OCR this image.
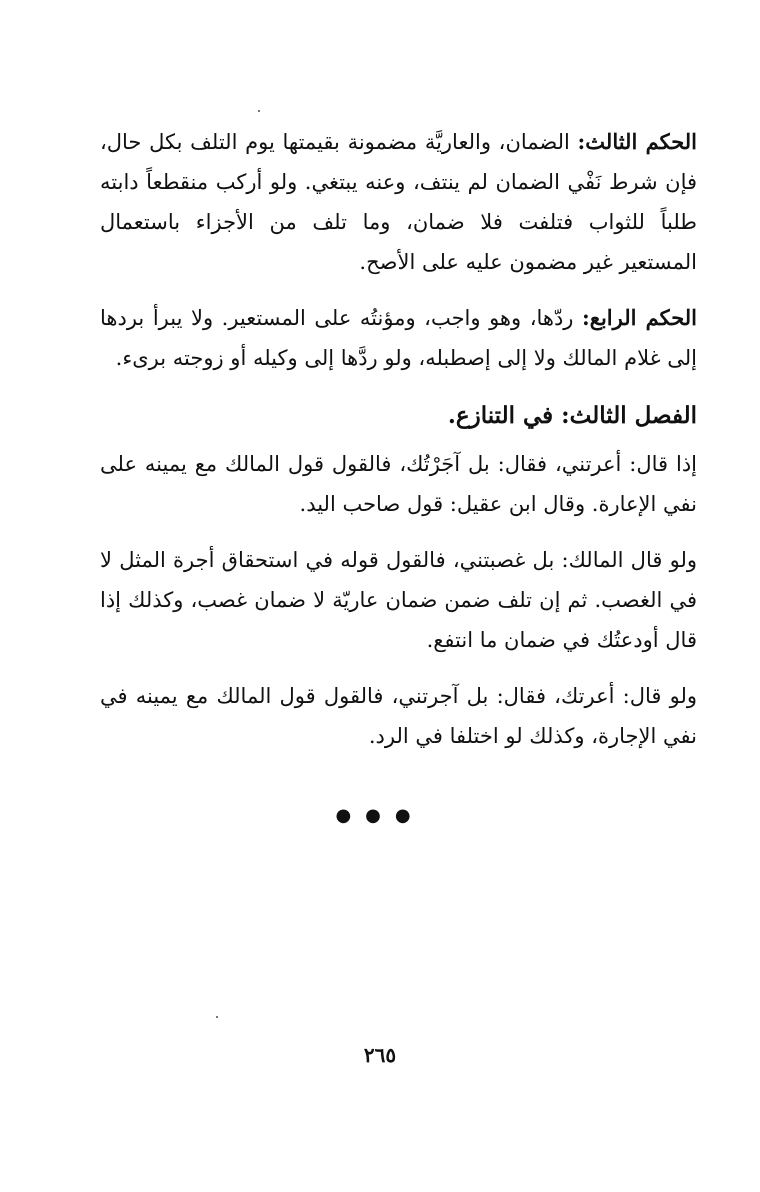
الحكم الثالث: الضمان، والعاريَّة مضمونة بقيمتها يوم التلف بكل حال، فإن شرط نَفْي الضمان لم ينتف، وعنه يبتغي. ولو أركب منقطعاً دابته طلباً للثواب فتلفت فلا ضمان، وما تلف من الأجزاء باستعمال المستعير غير مضمون عليه على الأصح.

الحكم الرابع: ردّها، وهو واجب، ومؤنتُه على المستعير. ولا يبرأ بردها إلى غلام المالك ولا إلى إصطبله، ولو ردَّها إلى وكيله أو زوجته برىء.

الفصل الثالث: في التنازع.

إذا قال: أعرتني، فقال: بل آجَرْتُك، فالقول قول المالك مع يمينه على نفي الإعارة. وقال ابن عقيل: قول صاحب اليد.

ولو قال المالك: بل غصبتني، فالقول قوله في استحقاق أجرة المثل لا في الغصب. ثم إن تلف ضمن ضمان عاريّة لا ضمان غصب، وكذلك إذا قال أودعتُك في ضمان ما انتفع.

ولو قال: أعرتك، فقال: بل آجرتني، فالقول قول المالك مع يمينه في نفي الإجارة، وكذلك لو اختلفا في الرد.

●●●
٢٦٥
